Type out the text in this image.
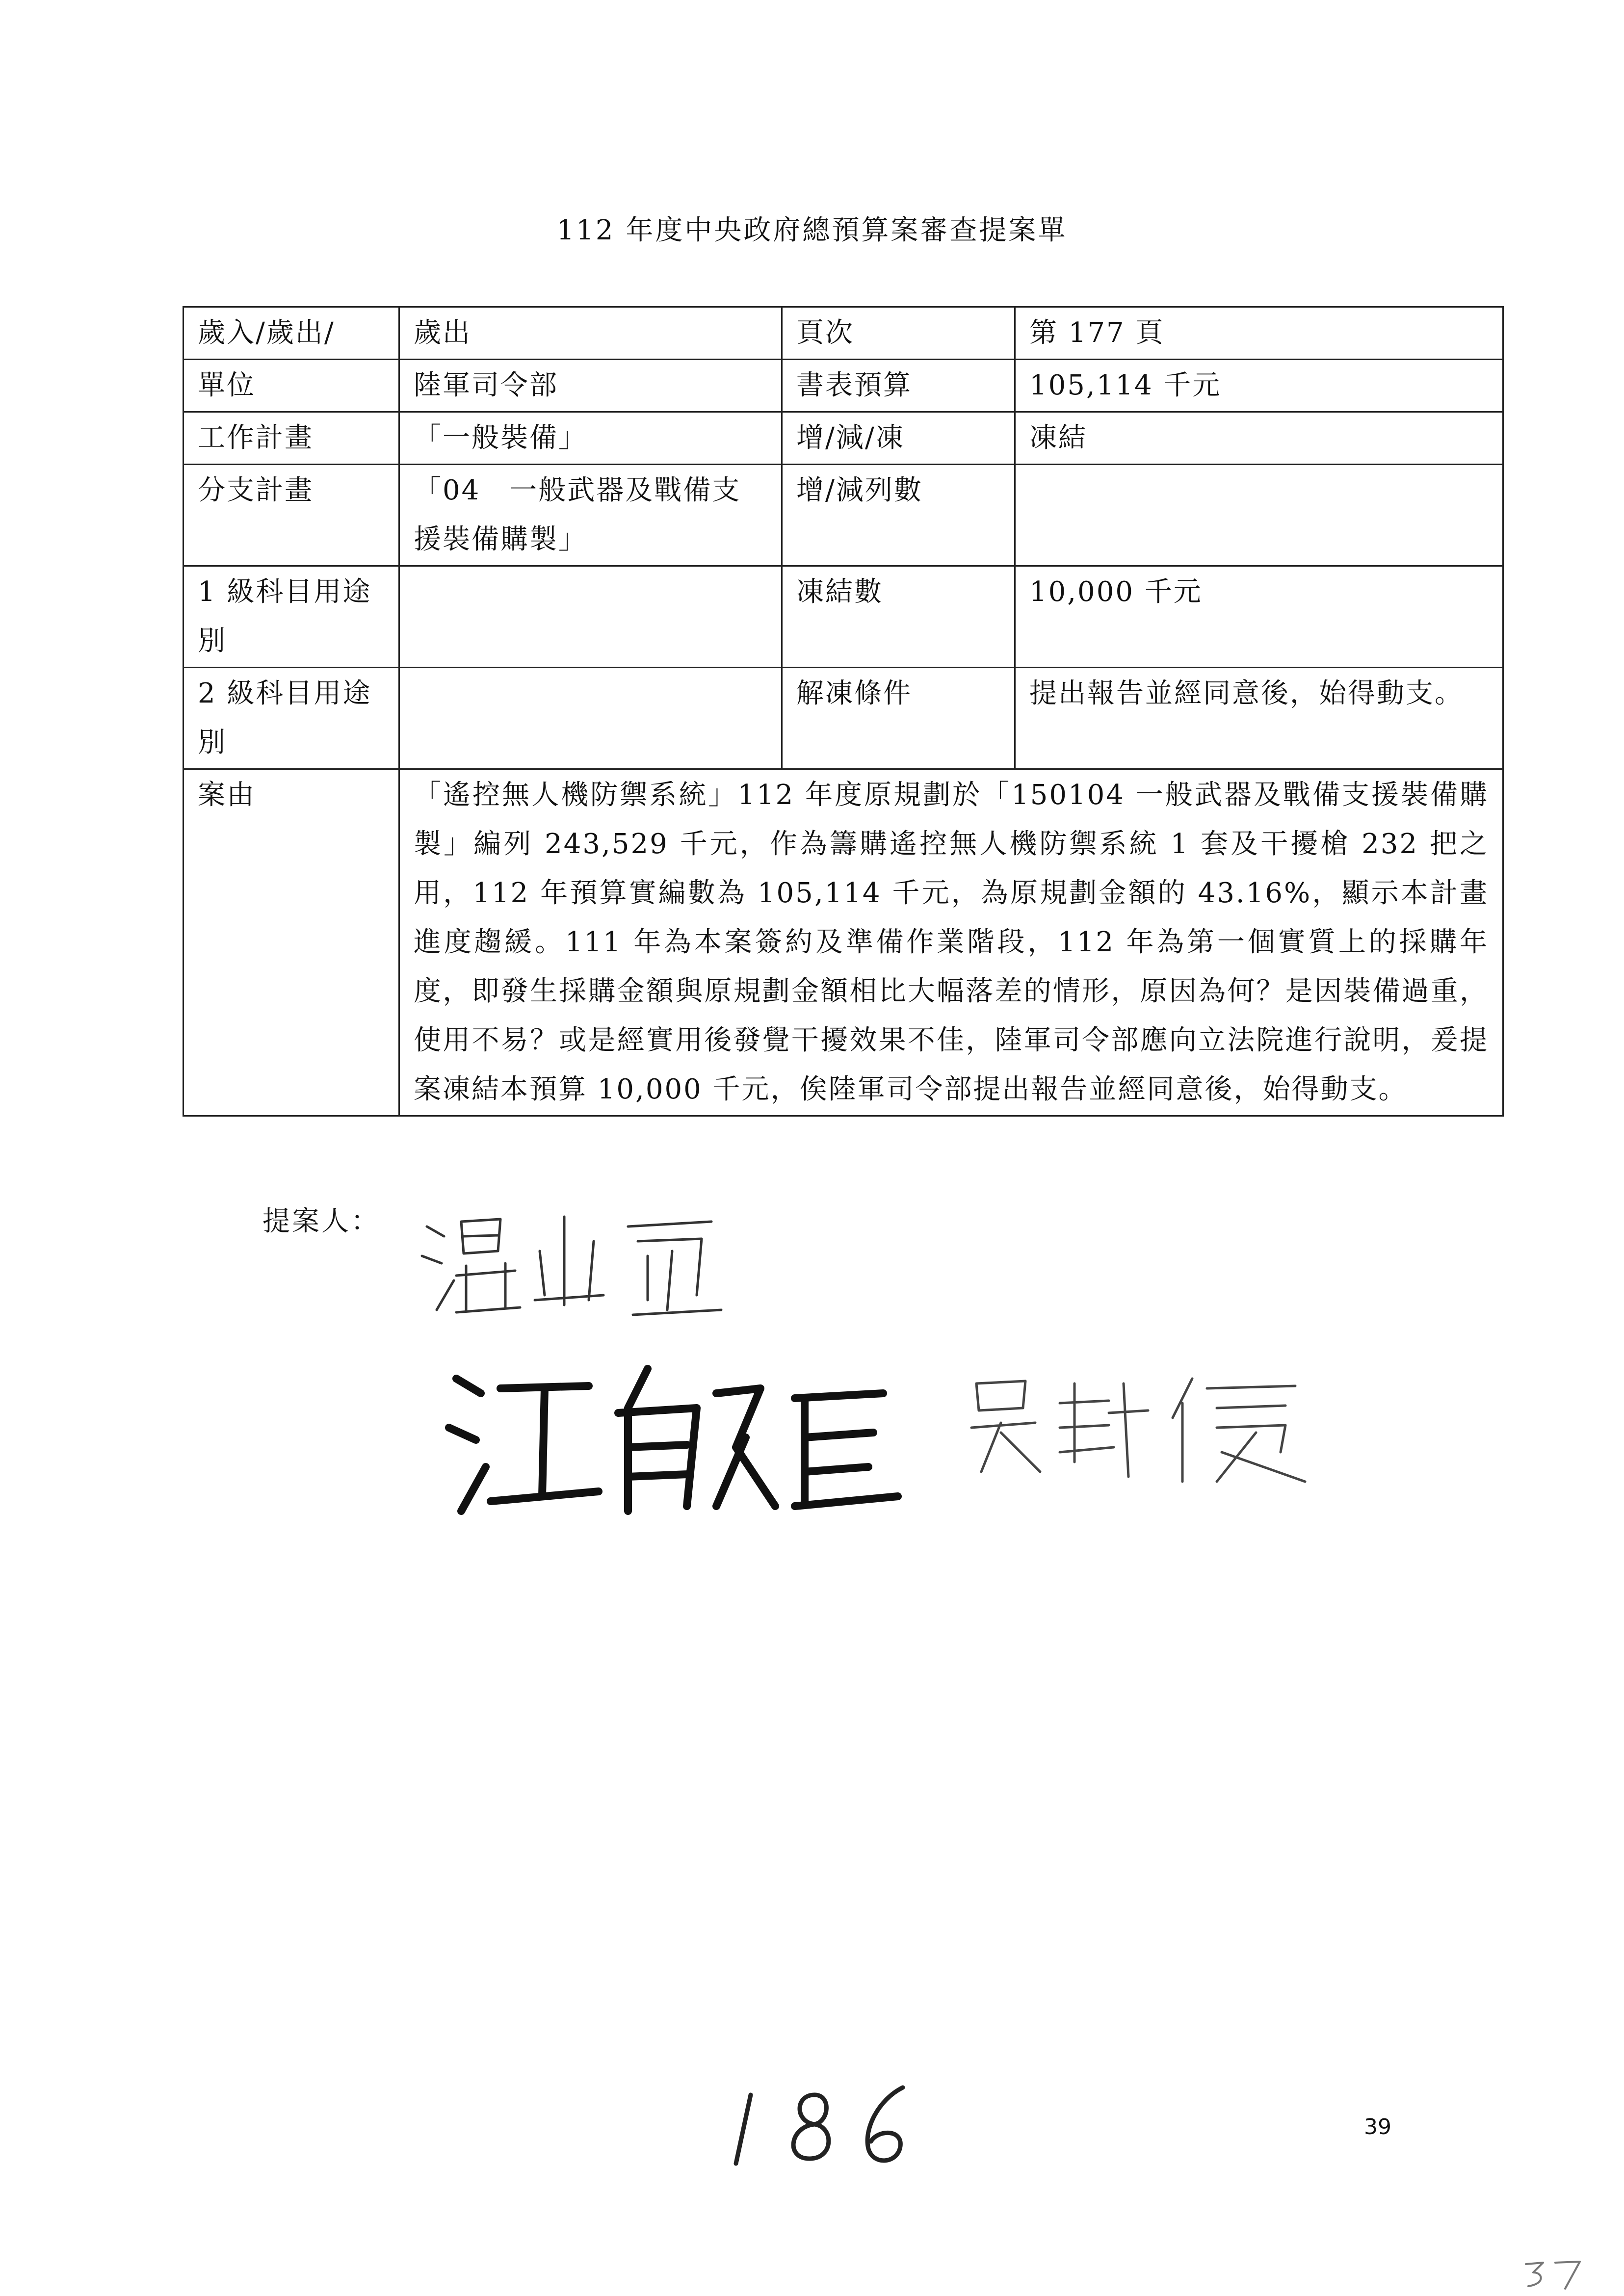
112 年度中央政府總預算案審查提案單
歲入/歲出/	歲出	頁次	第 177 頁
單位	陸軍司令部	書表預算	105,114 千元
工作計畫	「一般裝備」	增/減/凍	凍結
分支計畫	「04　一般武器及戰備支援裝備購製」	增/減列數	
1 級科目用途別		凍結數	10,000 千元
2 級科目用途別		解凍條件	提出報告並經同意後，始得動支。
案由	「遙控無人機防禦系統」112 年度原規劃於「150104 一般武器及戰備支援裝備購製」編列 243,529 千元，作為籌購遙控無人機防禦系統 1 套及干擾槍 232 把之用，112 年預算實編數為 105,114 千元，為原規劃金額的 43.16%，顯示本計畫進度趨緩。111 年為本案簽約及準備作業階段，112 年為第一個實質上的採購年度，即發生採購金額與原規劃金額相比大幅落差的情形，原因為何？是因裝備過重，使用不易？或是經實用後發覺干擾效果不佳，陸軍司令部應向立法院進行說明，爰提案凍結本預算 10,000 千元，俟陸軍司令部提出報告並經同意後，始得動支。		
提案人：
39
